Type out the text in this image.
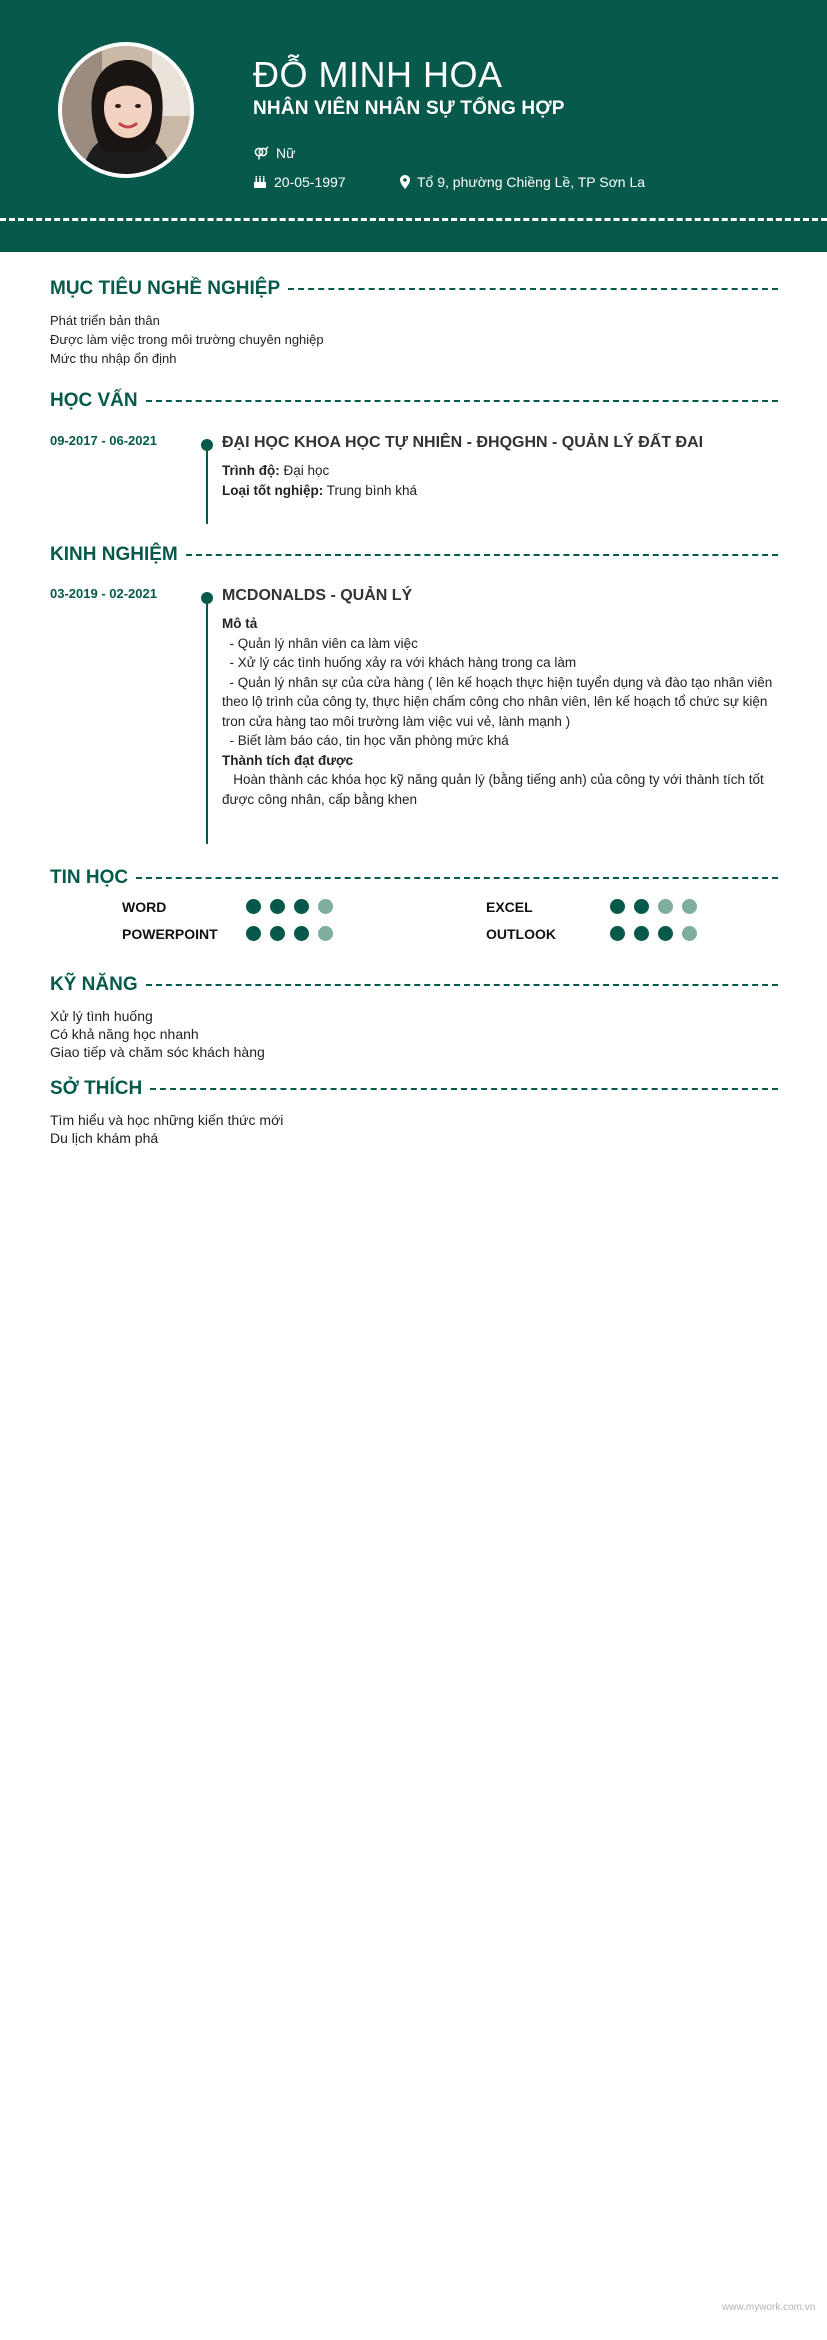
ĐỖ MINH HOA
NHÂN VIÊN NHÂN SỰ TỔNG HỢP
Nữ
20-05-1997	Tổ 9, phường Chiềng Lề, TP Sơn La
MỤC TIÊU NGHỀ NGHIỆP
Phát triển bản thân
Được làm việc trong môi trường chuyên nghiệp
Mức thu nhập ổn định
HỌC VẤN
09-2017 - 06-2021	ĐẠI HỌC KHOA HỌC TỰ NHIÊN - ĐHQGHN - QUẢN LÝ ĐẤT ĐAI
Trình độ: Đại học
Loại tốt nghiệp: Trung bình khá
KINH NGHIỆM
03-2019 - 02-2021	MCDONALDS - QUẢN LÝ
Mô tả
- Quản lý nhân viên ca làm việc
- Xử lý các tình huống xảy ra với khách hàng trong ca làm
- Quản lý nhân sự của cửa hàng ( lên kế hoạch thực hiện tuyển dụng và đào tạo nhân viên theo lộ trình của công ty, thực hiện chấm công cho nhân viên, lên kế hoạch tổ chức sự kiện tron cửa hàng tao môi trường làm việc vui vẻ, lành mạnh )
- Biết làm báo cáo, tin học văn phòng mức khá
Thành tích đạt được
Hoàn thành các khóa học kỹ năng quản lý (bằng tiếng anh) của công ty với thành tích tốt được công nhân, cấp bằng khen
TIN HỌC
WORD	EXCEL
POWERPOINT	OUTLOOK
KỸ NĂNG
Xử lý tình huống
Có khả năng học nhanh
Giao tiếp và chăm sóc khách hàng
SỞ THÍCH
Tìm hiểu và học những kiến thức mới
Du lịch khám phá
www.mywork.com.vn
